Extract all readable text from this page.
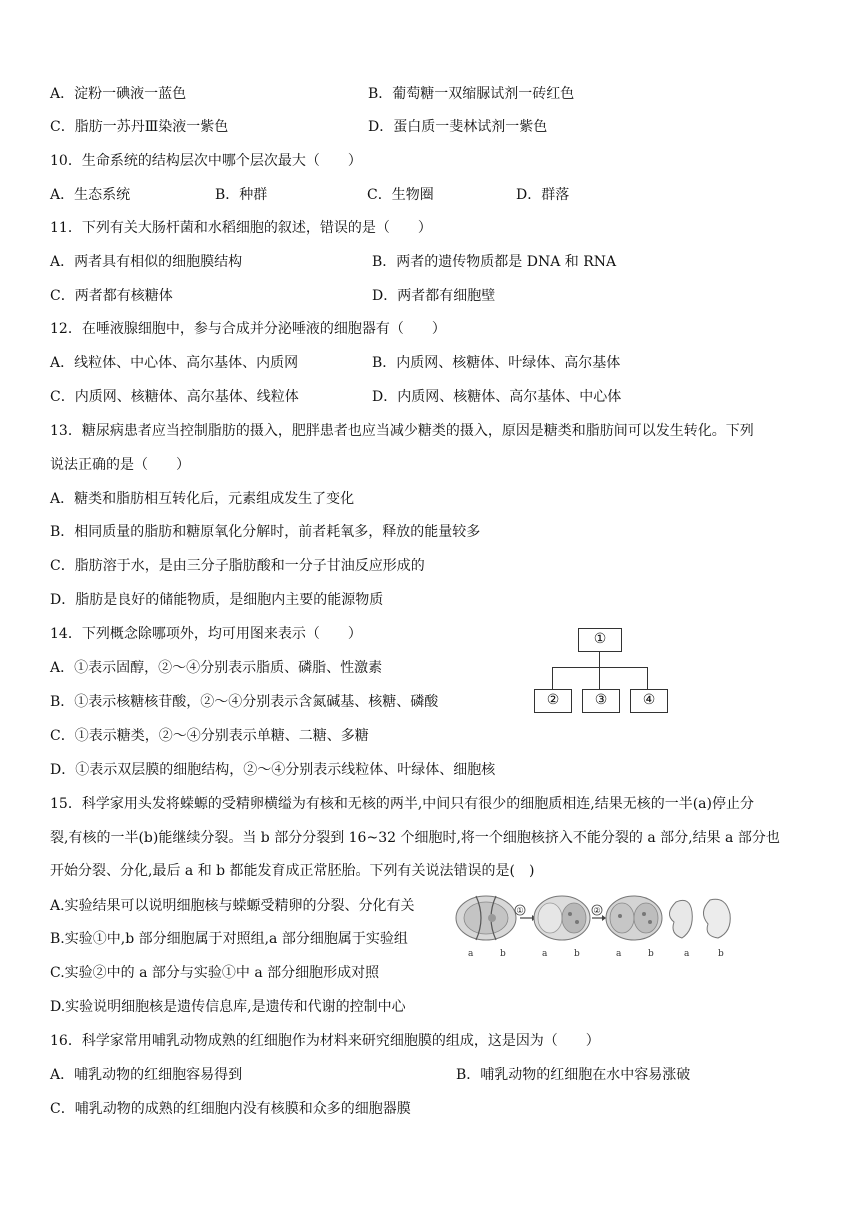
A．淀粉一碘液一蓝色	B．葡萄糖一双缩脲试剂一砖红色
C．脂肪一苏丹Ⅲ染液一紫色	D．蛋白质一斐林试剂一紫色
10．生命系统的结构层次中哪个层次最大（　　）
A．生态系统	B．种群	C．生物圈	D．群落
11．下列有关大肠杆菌和水稻细胞的叙述，错误的是（　　）
A．两者具有相似的细胞膜结构	B．两者的遗传物质都是 DNA 和 RNA
C．两者都有核糖体	D．两者都有细胞壁
12．在唾液腺细胞中，参与合成并分泌唾液的细胞器有（　　）
A．线粒体、中心体、高尔基体、内质网	B．内质网、核糖体、叶绿体、高尔基体
C．内质网、核糖体、高尔基体、线粒体	D．内质网、核糖体、高尔基体、中心体
13．糖尿病患者应当控制脂肪的摄入，肥胖患者也应当减少糖类的摄入，原因是糖类和脂肪间可以发生转化。下列
说法正确的是（　　）
A．糖类和脂肪相互转化后，元素组成发生了变化
B．相同质量的脂肪和糖原氧化分解时，前者耗氧多，释放的能量较多
C．脂肪溶于水，是由三分子脂肪酸和一分子甘油反应形成的
D．脂肪是良好的储能物质，是细胞内主要的能源物质
14．下列概念除哪项外，均可用图来表示（　　）
A．①表示固醇，②～④分别表示脂质、磷脂、性激素
B．①表示核糖核苷酸，②～④分别表示含氮碱基、核糖、磷酸
C．①表示糖类，②～④分别表示单糖、二糖、多糖
D．①表示双层膜的细胞结构，②～④分别表示线粒体、叶绿体、细胞核
①
②	③	④
15．科学家用头发将蝾螈的受精卵横缢为有核和无核的两半,中间只有很少的细胞质相连,结果无核的一半(a)停止分
裂,有核的一半(b)能继续分裂。当 b 部分分裂到 16~32 个细胞时,将一个细胞核挤入不能分裂的 a 部分,结果 a 部分也
开始分裂、分化,最后 a 和 b 都能发育成正常胚胎。下列有关说法错误的是(　)
A.实验结果可以说明细胞核与蝾螈受精卵的分裂、分化有关
B.实验①中,b 部分细胞属于对照组,a 部分细胞属于实验组
C.实验②中的 a 部分与实验①中 a 部分细胞形成对照
D.实验说明细胞核是遗传信息库,是遗传和代谢的控制中心
①	②
a	b	a	b	a	b	a	b
16．科学家常用哺乳动物成熟的红细胞作为材料来研究细胞膜的组成，这是因为（　　）
A．哺乳动物的红细胞容易得到	B．哺乳动物的红细胞在水中容易涨破
C．哺乳动物的成熟的红细胞内没有核膜和众多的细胞器膜
